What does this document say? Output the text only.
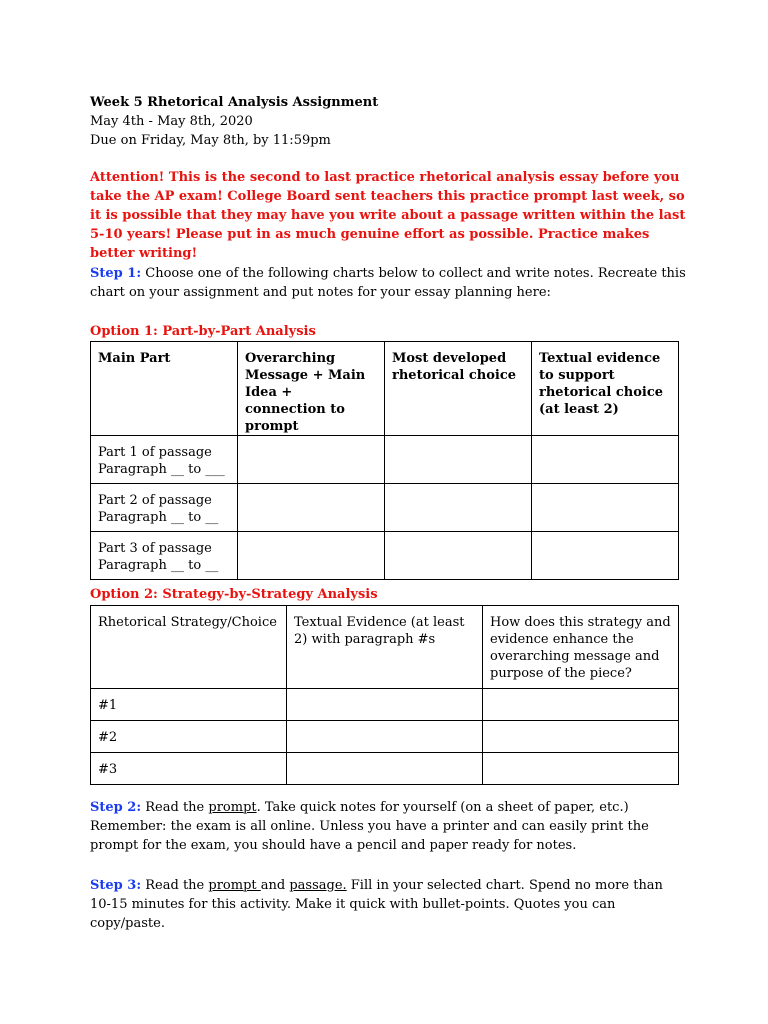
Week 5 Rhetorical Analysis Assignment

May 4th - May 8th, 2020

Due on Friday, May 8th, by 11:59pm

Attention! This is the second to last practice rhetorical analysis essay before you take the AP exam! College Board sent teachers this practice prompt last week, so it is possible that they may have you write about a passage written within the last 5-10 years! Please put in as much genuine effort as possible. Practice makes better writing!

Step 1: Choose one of the following charts below to collect and write notes. Recreate this chart on your assignment and put notes for your essay planning here:

Option 1: Part-by-Part Analysis

Main Part	Overarching Message + Main Idea + connection to prompt	Most developed rhetorical choice	Textual evidence to support rhetorical choice (at least 2)
Part 1 of passage
Paragraph __ to ___			
Part 2 of passage
Paragraph __ to __			
Part 3 of passage
Paragraph __ to __			

Option 2: Strategy-by-Strategy Analysis

Rhetorical Strategy/Choice	Textual Evidence (at least 2) with paragraph #s	How does this strategy and evidence enhance the overarching message and purpose of the piece?
#1		
#2		
#3		

Step 2: Read the prompt. Take quick notes for yourself (on a sheet of paper, etc.) Remember: the exam is all online. Unless you have a printer and can easily print the prompt for the exam, you should have a pencil and paper ready for notes.

Step 3: Read the prompt and passage. Fill in your selected chart. Spend no more than 10-15 minutes for this activity. Make it quick with bullet-points. Quotes you can copy/paste.
